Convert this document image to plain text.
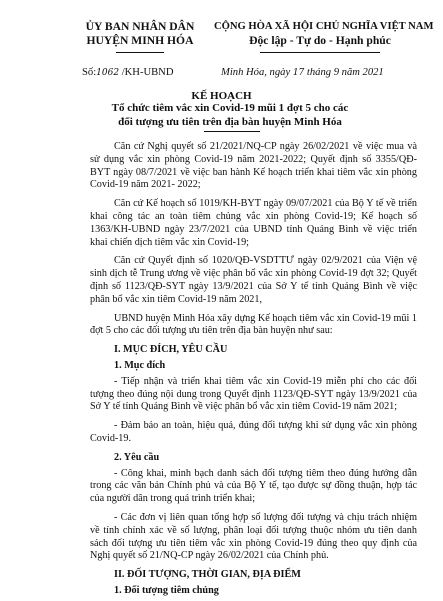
ỦY BAN NHÂN DÂN
HUYỆN MINH HÓA
CỘNG HÒA XÃ HỘI CHỦ NGHĨA VIỆT NAM
Độc lập - Tự do - Hạnh phúc
Số:1062 /KH-UBND	Minh Hóa, ngày 17 tháng 9 năm 2021
KẾ HOẠCH
Tổ chức tiêm vắc xin Covid-19 mũi 1 đợt 5 cho các
đối tượng ưu tiên trên địa bàn huyện Minh Hóa

Căn cứ Nghị quyết số 21/2021/NQ-CP ngày 26/02/2021 về việc mua và sử dụng vắc xin phòng Covid-19 năm 2021-2022; Quyết định số 3355/QĐ-BYT ngày 08/7/2021 về việc ban hành Kế hoạch triển khai tiêm vắc xin phòng Covid-19 năm 2021- 2022;

Căn cứ Kế hoạch số 1019/KH-BYT ngày 09/07/2021 của Bộ Y tế về triển khai công tác an toàn tiêm chủng vắc xin phòng Covid-19; Kế hoạch số 1363/KH-UBND ngày 23/7/2021 của UBND tỉnh Quảng Bình về việc triển khai chiến dịch tiêm vắc xin Covid-19;

Căn cứ Quyết định số 1020/QĐ-VSDTTƯ ngày 02/9/2021 của Viện vệ sinh dịch tễ Trung ương về việc phân bổ vắc xin phòng Covid-19 đợt 32; Quyết định số 1123/QĐ-SYT ngày 13/9/2021 của Sở Y tế tỉnh Quảng Bình về việc phân bổ vắc xin tiêm Covid-19 năm 2021,

UBND huyện Minh Hóa xây dựng Kế hoạch tiêm vắc xin Covid-19 mũi 1 đợt 5 cho các đối tượng ưu tiên trên địa bàn huyện như sau:

I. MỤC ĐÍCH, YÊU CẦU

1. Mục đích

- Tiếp nhận và triển khai tiêm vắc xin Covid-19 miễn phí cho các đối tượng theo đúng nội dung trong Quyết định 1123/QĐ-SYT ngày 13/9/2021 của Sở Y tế tỉnh Quảng Bình về việc phân bổ vắc xin tiêm Covid-19 năm 2021;

- Đảm bảo an toàn, hiệu quả, đúng đối tượng khi sử dụng vắc xin phòng Covid-19.

2. Yêu cầu

- Công khai, minh bạch danh sách đối tượng tiêm theo đúng hướng dẫn trong các văn bản Chính phủ và của Bộ Y tế, tạo được sự đồng thuận, hợp tác của người dân trong quá trình triển khai;

- Các đơn vị liên quan tổng hợp số lượng đối tượng và chịu trách nhiệm về tính chính xác về số lượng, phân loại đối tượng thuộc nhóm ưu tiên danh sách đối tượng ưu tiên tiêm vắc xin phòng Covid-19 đúng theo quy định của Nghị quyết số 21/NQ-CP ngày 26/02/2021 của Chính phủ.

II. ĐỐI TƯỢNG, THỜI GIAN, ĐỊA ĐIỂM

1. Đối tượng tiêm chủng
